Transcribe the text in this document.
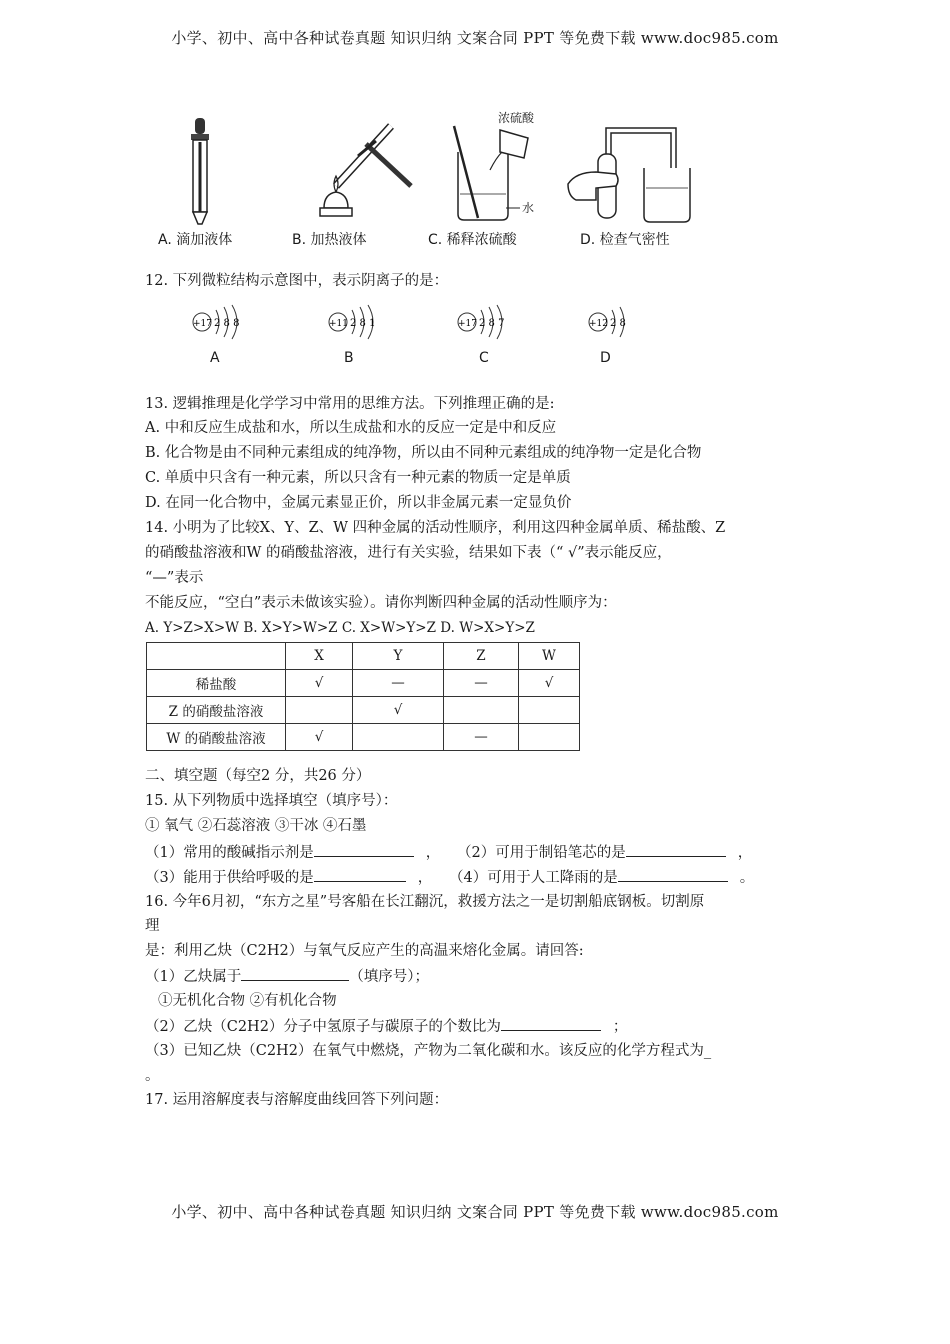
小学、初中、高中各种试卷真题 知识归纳 文案合同 PPT 等免费下载 www.doc985.com
小学、初中、高中各种试卷真题 知识归纳 文案合同 PPT 等免费下载 www.doc985.com
浓硫酸
水
A. 滴加液体	B. 加热液体	C. 稀释浓硫酸	D. 检查气密性
12. 下列微粒结构示意图中，表示阴离子的是：
+17 2 8 8
A
+11 2 8 1
B
+17 2 8 7
C
+12 2 8
D
13. 逻辑推理是化学学习中常用的思维方法。下列推理正确的是:
A. 中和反应生成盐和水，所以生成盐和水的反应一定是中和反应
B. 化合物是由不同种元素组成的纯净物，所以由不同种元素组成的纯净物一定是化合物
C. 单质中只含有一种元素，所以只含有一种元素的物质一定是单质
D. 在同一化合物中，金属元素显正价，所以非金属元素一定显负价
14. 小明为了比较X、Y、Z、W 四种金属的活动性顺序，利用这四种金属单质、稀盐酸、Z
的硝酸盐溶液和W 的硝酸盐溶液，进行有关实验，结果如下表（“ √”表示能反应，
“—”表示
不能反应，“空白”表示未做该实验）。请你判断四种金属的活动性顺序为：
A. Y>Z>X>W B. X>Y>W>Z C. X>W>Y>Z D. W>X>Y>Z
	X	Y	Z	W
稀盐酸	√	—	—	√
Z 的硝酸盐溶液		√		
W 的硝酸盐溶液	√		—	
二、填空题（每空2 分，共26 分）
15. 从下列物质中选择填空（填序号）：
① 氧气 ②石蕊溶液 ③干冰 ④石墨
（1）常用的酸碱指示剂是	， （2）可用于制铅笔芯的是	，
（3）能用于供给呼吸的是	， （4）可用于人工降雨的是	。
16. 今年6月初，“东方之星”号客船在长江翻沉，救援方法之一是切割船底钢板。切割原
理
是：利用乙炔（C2H2）与氧气反应产生的高温来熔化金属。请回答:
（1）乙炔属于	（填序号）；
①无机化合物 ②有机化合物
（2）乙炔（C2H2）分子中氢原子与碳原子的个数比为	；
（3）已知乙炔（C2H2）在氧气中燃烧，产物为二氧化碳和水。该反应的化学方程式为_
。
17. 运用溶解度表与溶解度曲线回答下列问题：
